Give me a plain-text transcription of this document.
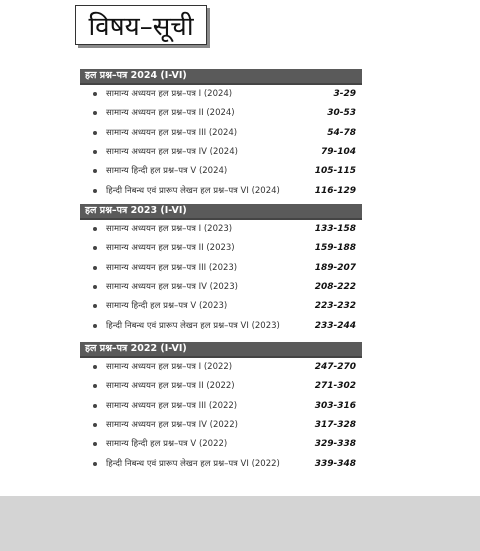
विषय–सूची
हल प्रश्न–पत्र 2024 (I-VI)
सामान्य अध्ययन हल प्रश्न–पत्र I (2024)	3-29
सामान्य अध्ययन हल प्रश्न–पत्र II (2024)	30-53
सामान्य अध्ययन हल प्रश्न–पत्र III (2024)	54-78
सामान्य अध्ययन हल प्रश्न–पत्र IV (2024)	79-104
सामान्य हिन्दी हल प्रश्न–पत्र V (2024)	105-115
हिन्दी निबन्ध एवं प्रारूप लेखन हल प्रश्न–पत्र VI (2024)	116-129
हल प्रश्न–पत्र 2023 (I-VI)
सामान्य अध्ययन हल प्रश्न–पत्र I (2023)	133-158
सामान्य अध्ययन हल प्रश्न–पत्र II (2023)	159-188
सामान्य अध्ययन हल प्रश्न–पत्र III (2023)	189-207
सामान्य अध्ययन हल प्रश्न–पत्र IV (2023)	208-222
सामान्य हिन्दी हल प्रश्न–पत्र V (2023)	223-232
हिन्दी निबन्ध एवं प्रारूप लेखन हल प्रश्न–पत्र VI (2023)	233-244
हल प्रश्न–पत्र 2022 (I-VI)
सामान्य अध्ययन हल प्रश्न–पत्र I (2022)	247-270
सामान्य अध्ययन हल प्रश्न–पत्र II (2022)	271-302
सामान्य अध्ययन हल प्रश्न–पत्र III (2022)	303-316
सामान्य अध्ययन हल प्रश्न–पत्र IV (2022)	317-328
सामान्य हिन्दी हल प्रश्न–पत्र V (2022)	329-338
हिन्दी निबन्ध एवं प्रारूप लेखन हल प्रश्न–पत्र VI (2022)	339-348
